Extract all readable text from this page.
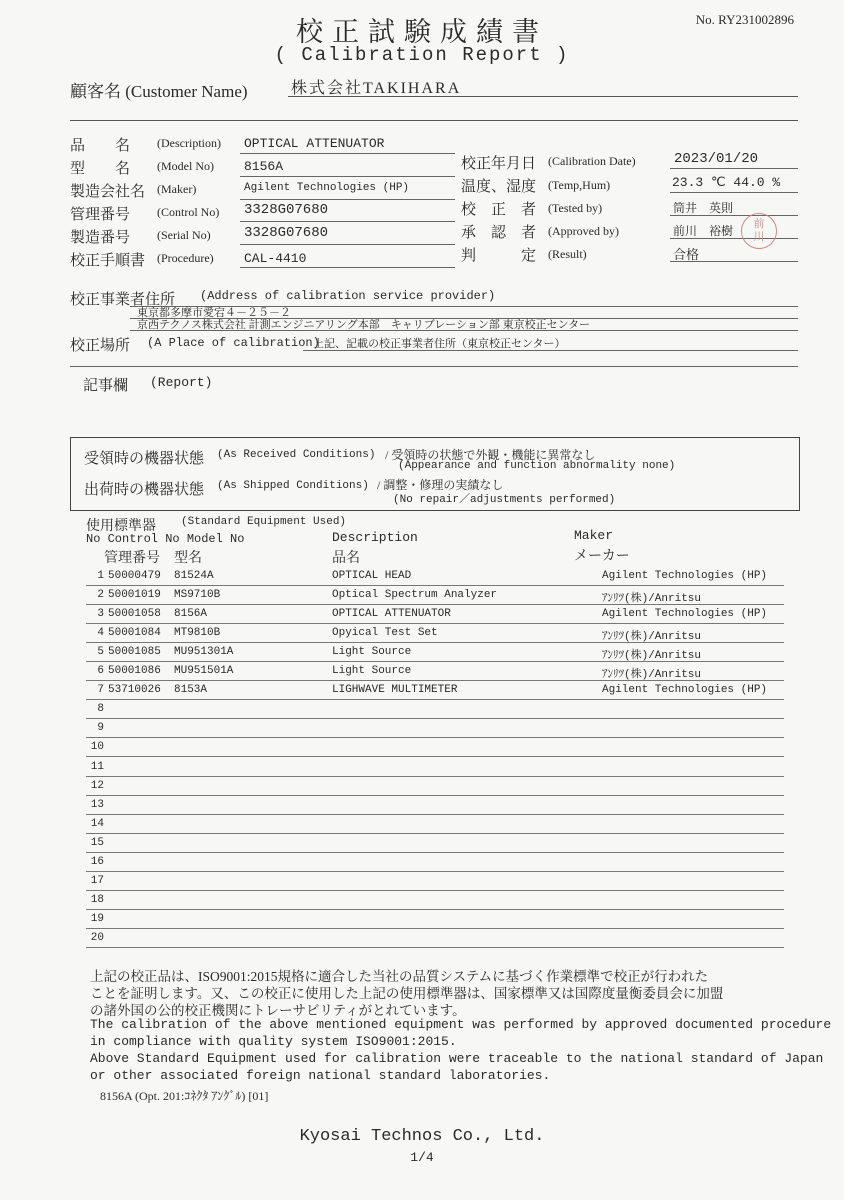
校正試験成績書
( Calibration Report )
No. RY231002896
顧客名 (Customer Name)	株式会社TAKIHARA
品　　名 (Description) OPTICAL ATTENUATOR
型　　名 (Model No) 8156A
製造会社名 (Maker)	Agilent Technologies (HP)
管理番号 (Control No) 3328G07680
製造番号 (Serial No) 3328G07680
校正手順書 (Procedure) CAL-4410
校正年月日 (Calibration Date)	2023/01/20
温度、湿度 (Temp,Hum)	23.3 ℃ 44.0 %
校　正　者 (Tested by)	筒井　英則
承　認　者 (Approved by)	前川　裕樹
判　　　定 (Result)	合格
前
川
校正事業者住所 (Address of calibration service provider)
東京都多摩市愛宕４－２５－２
京西テクノス株式会社 計測エンジニアリング本部　キャリブレーション部 東京校正センター
校正場所 (A Place of calibration)
上記、記載の校正事業者住所（東京校正センター）
記事欄 (Report)
受領時の機器状態 (As Received Conditions) / 受領時の状態で外観・機能に異常なし
(Appearance and function abnormality none)
出荷時の機器状態 (As Shipped Conditions) / 調整・修理の実績なし
(No repair／adjustments performed)
使用標準器 (Standard Equipment Used)
No Control No Model No	Description	Maker
管理番号　型名	品名	メーカー
1 50000479 81524A	OPTICAL HEAD	Agilent Technologies (HP)
2 50001019 MS9710B	Optical Spectrum Analyzer	ｱﾝﾘﾂ(株)/Anritsu
3 50001058 8156A	OPTICAL ATTENUATOR	Agilent Technologies (HP)
4 50001084 MT9810B	Opyical Test Set	ｱﾝﾘﾂ(株)/Anritsu
5 50001085 MU951301A	Light Source	ｱﾝﾘﾂ(株)/Anritsu
6 50001086 MU951501A	Light Source	ｱﾝﾘﾂ(株)/Anritsu
7 53710026 8153A	LIGHWAVE MULTIMETER	Agilent Technologies (HP)
8
9
10
11
12
13
14
15
16
17
18
19
20
上記の校正品は、ISO9001:2015規格に適合した当社の品質システムに基づく作業標準で校正が行われた
ことを証明します。又、この校正に使用した上記の使用標準器は、国家標準又は国際度量衡委員会に加盟
の諸外国の公的校正機関にトレーサビリティがとれています。
The calibration of the above mentioned equipment was performed by approved documented procedure
in compliance with quality system ISO9001:2015.
Above Standard Equipment used for calibration were traceable to the national standard of Japan
or other associated foreign national standard laboratories.
8156A (Opt. 201:ｺﾈｸﾀ ｱﾝｸﾞﾙ) [01]
Kyosai Technos Co., Ltd.
1/4
